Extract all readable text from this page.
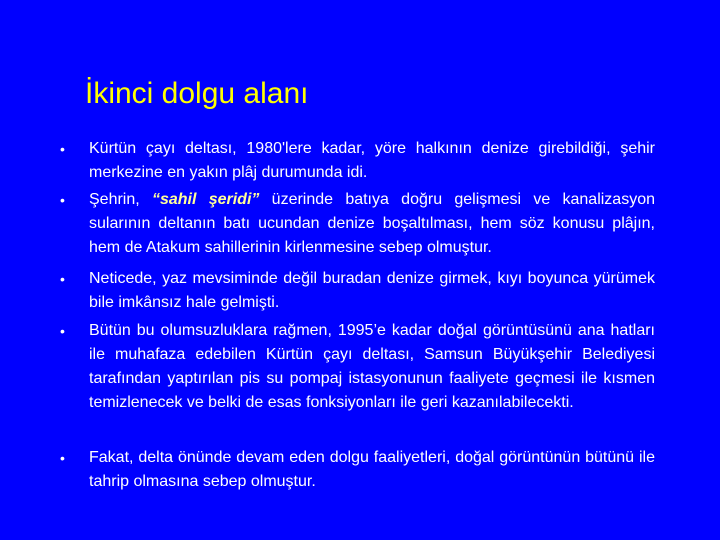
İkinci dolgu alanı
• Kürtün çayı deltası, 1980'lere kadar, yöre halkının denize girebildiği, şehir merkezine en yakın plâj durumunda idi.
• Şehrin, “sahil şeridi” üzerinde batıya doğru gelişmesi ve kanalizasyon sularının deltanın batı ucundan denize boşaltılması, hem söz konusu plâjın, hem de Atakum sahillerinin kirlenmesine sebep olmuştur.
• Neticede, yaz mevsiminde değil buradan denize girmek, kıyı boyunca yürümek bile imkânsız hale gelmişti.
• Bütün bu olumsuzluklara rağmen, 1995’e kadar doğal görüntüsünü ana hatları ile muhafaza edebilen Kürtün çayı deltası, Samsun Büyükşehir Belediyesi tarafından yaptırılan pis su pompaj istasyonunun faaliyete geçmesi ile kısmen temizlenecek ve belki de esas fonksiyonları ile geri kazanılabilecekti.
• Fakat, delta önünde devam eden dolgu faaliyetleri, doğal görüntünün bütünü ile tahrip olmasına sebep olmuştur.
